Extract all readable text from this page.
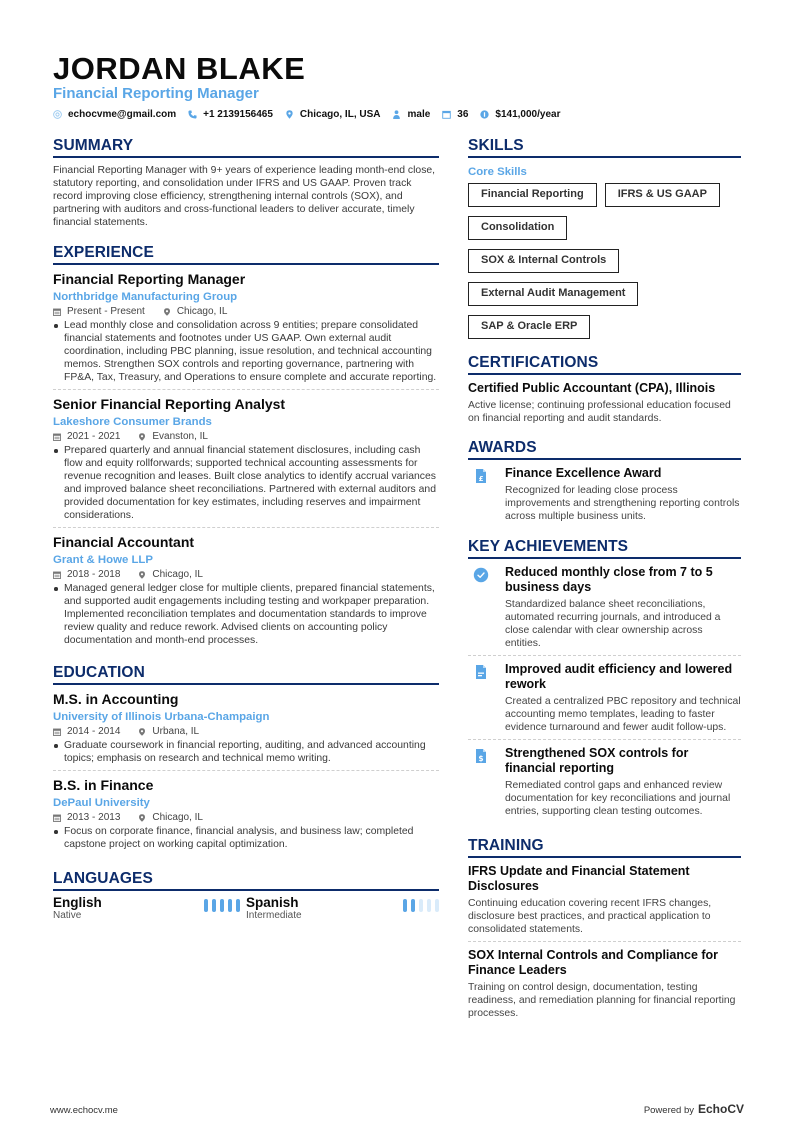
JORDAN BLAKE
Financial Reporting Manager
echocvme@gmail.com	+1 2139156465	Chicago, IL, USA	male	36	$141,000/year
SUMMARY

Financial Reporting Manager with 9+ years of experience leading month-end close, statutory reporting, and consolidation under IFRS and US GAAP. Proven track record improving close efficiency, strengthening internal controls (SOX), and partnering with auditors and cross-functional leaders to deliver accurate, timely financial statements.

EXPERIENCE
Financial Reporting Manager
Northbridge Manufacturing Group
Present - Present	Chicago, IL
Lead monthly close and consolidation across 9 entities; prepare consolidated financial statements and footnotes under US GAAP. Own external audit coordination, including PBC planning, issue resolution, and technical accounting memos. Strengthen SOX controls and reporting governance, partnering with FP&A, Tax, Treasury, and Operations to ensure complete and accurate reporting.
Senior Financial Reporting Analyst
Lakeshore Consumer Brands
2021 - 2021	Evanston, IL
Prepared quarterly and annual financial statement disclosures, including cash flow and equity rollforwards; supported technical accounting assessments for revenue recognition and leases. Built close analytics to identify accrual variances and improved balance sheet reconciliations. Partnered with external auditors and provided documentation for key estimates, including reserves and impairment considerations.
Financial Accountant
Grant & Howe LLP
2018 - 2018	Chicago, IL
Managed general ledger close for multiple clients, prepared financial statements, and supported audit engagements including testing and workpaper preparation. Implemented reconciliation templates and documentation standards to improve review quality and reduce rework. Advised clients on accounting policy documentation and month-end processes.
EDUCATION
M.S. in Accounting
University of Illinois Urbana-Champaign
2014 - 2014	Urbana, IL
Graduate coursework in financial reporting, auditing, and advanced accounting topics; emphasis on research and technical memo writing.
B.S. in Finance
DePaul University
2013 - 2013	Chicago, IL
Focus on corporate finance, financial analysis, and business law; completed capstone project on working capital optimization.
LANGUAGES
English
Native
Spanish
Intermediate
SKILLS
Core Skills
Financial Reporting	IFRS & US GAAP
Consolidation
SOX & Internal Controls
External Audit Management
SAP & Oracle ERP
CERTIFICATIONS
Certified Public Accountant (CPA), Illinois
Active license; continuing professional education focused on financial reporting and audit standards.
AWARDS
£ Finance Excellence Award
Recognized for leading close process improvements and strengthening reporting controls across multiple business units.
KEY ACHIEVEMENTS
Reduced monthly close from 7 to 5 business days
Standardized balance sheet reconciliations, automated recurring journals, and introduced a close calendar with clear ownership across entities.
Improved audit efficiency and lowered rework
Created a centralized PBC repository and technical accounting memo templates, leading to faster evidence turnaround and fewer audit follow-ups.
$ Strengthened SOX controls for financial reporting
Remediated control gaps and enhanced review documentation for key reconciliations and journal entries, supporting clean testing outcomes.
TRAINING
IFRS Update and Financial Statement Disclosures
Continuing education covering recent IFRS changes, disclosure best practices, and practical application to consolidated statements.
SOX Internal Controls and Compliance for Finance Leaders
Training on control design, documentation, testing readiness, and remediation planning for financial reporting processes.
www.echocv.me	Powered by EchoCV
